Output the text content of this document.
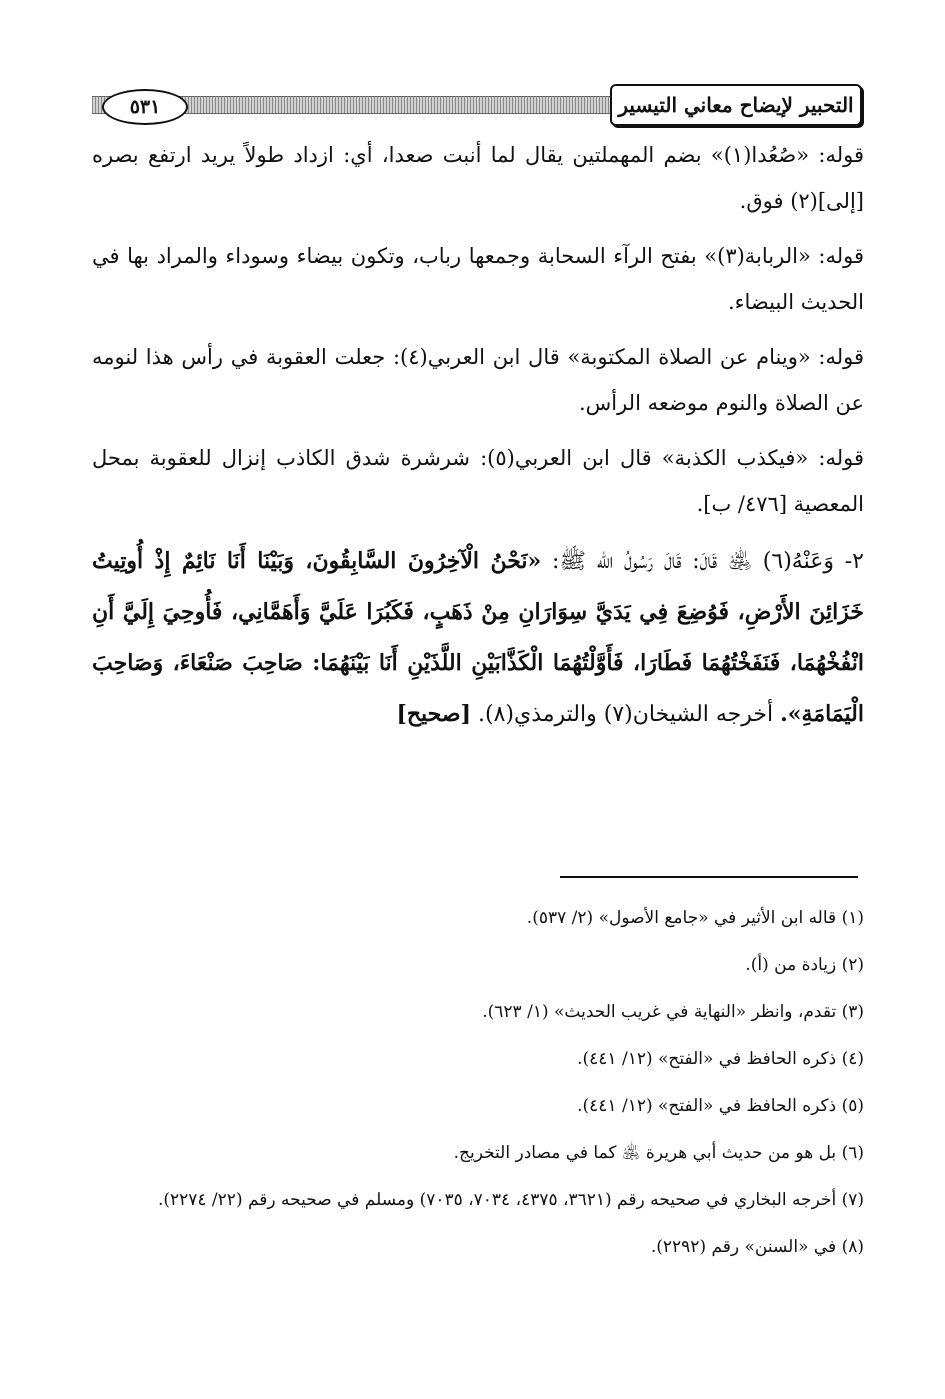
٥٣١	التحبير لإيضاح معاني التيسير

قوله: «صُعُدا(١)» بضم المهملتين يقال لما أنبت صعدا، أي: ازداد طولاً يريد ارتفع بصره [إلى](٢) فوق.

قوله: «الربابة(٣)» بفتح الرآء السحابة وجمعها رباب، وتكون بيضاء وسوداء والمراد بها في الحديث البيضاء.

قوله: «وينام عن الصلاة المكتوبة» قال ابن العربي(٤): جعلت العقوبة في رأس هذا لنومه عن الصلاة والنوم موضعه الرأس.

قوله: «فيكذب الكذبة» قال ابن العربي(٥): شرشرة شدق الكاذب إنزال للعقوبة بمحل المعصية [٤٧٦/ ب].

٢- وَعَنْهُ(٦) ﵁ قَالَ: قَالَ رَسُولُ الله ﷺ: «نَحْنُ الْآخِرُونَ السَّابِقُونَ، وَبَيْنَا أَنَا نَائِمٌ إِذْ أُوتِيتُ خَزَائِنَ الأَرْضِ، فَوُضِعَ فِي يَدَيَّ سِوَارَانِ مِنْ ذَهَبٍ، فَكَبُرَا عَلَيَّ وَأَهَمَّانِي، فَأُوحِيَ إِلَيَّ أَنِ انْفُخْهُمَا، فَنَفَخْتُهُمَا فَطَارَا، فَأَوَّلْتُهُمَا الْكَذَّابَيْنِ اللَّذَيْنِ أَنَا بَيْنَهُمَا: صَاحِبَ صَنْعَاءَ، وَصَاحِبَ الْيَمَامَةِ». أخرجه الشيخان(٧) والترمذي(٨). [صحيح]

(١) قاله ابن الأثير في «جامع الأصول» (٢/ ٥٣٧).

(٢) زيادة من (أ).

(٣) تقدم، وانظر «النهاية في غريب الحديث» (١/ ٦٢٣).

(٤) ذكره الحافظ في «الفتح» (١٢/ ٤٤١).

(٥) ذكره الحافظ في «الفتح» (١٢/ ٤٤١).

(٦) بل هو من حديث أبي هريرة ﵁ كما في مصادر التخريج.

(٧) أخرجه البخاري في صحيحه رقم (٣٦٢١، ٤٣٧٥، ٧٠٣٤، ٧٠٣٥) ومسلم في صحيحه رقم (٢٢/ ٢٢٧٤).

(٨) في «السنن» رقم (٢٢٩٢).
